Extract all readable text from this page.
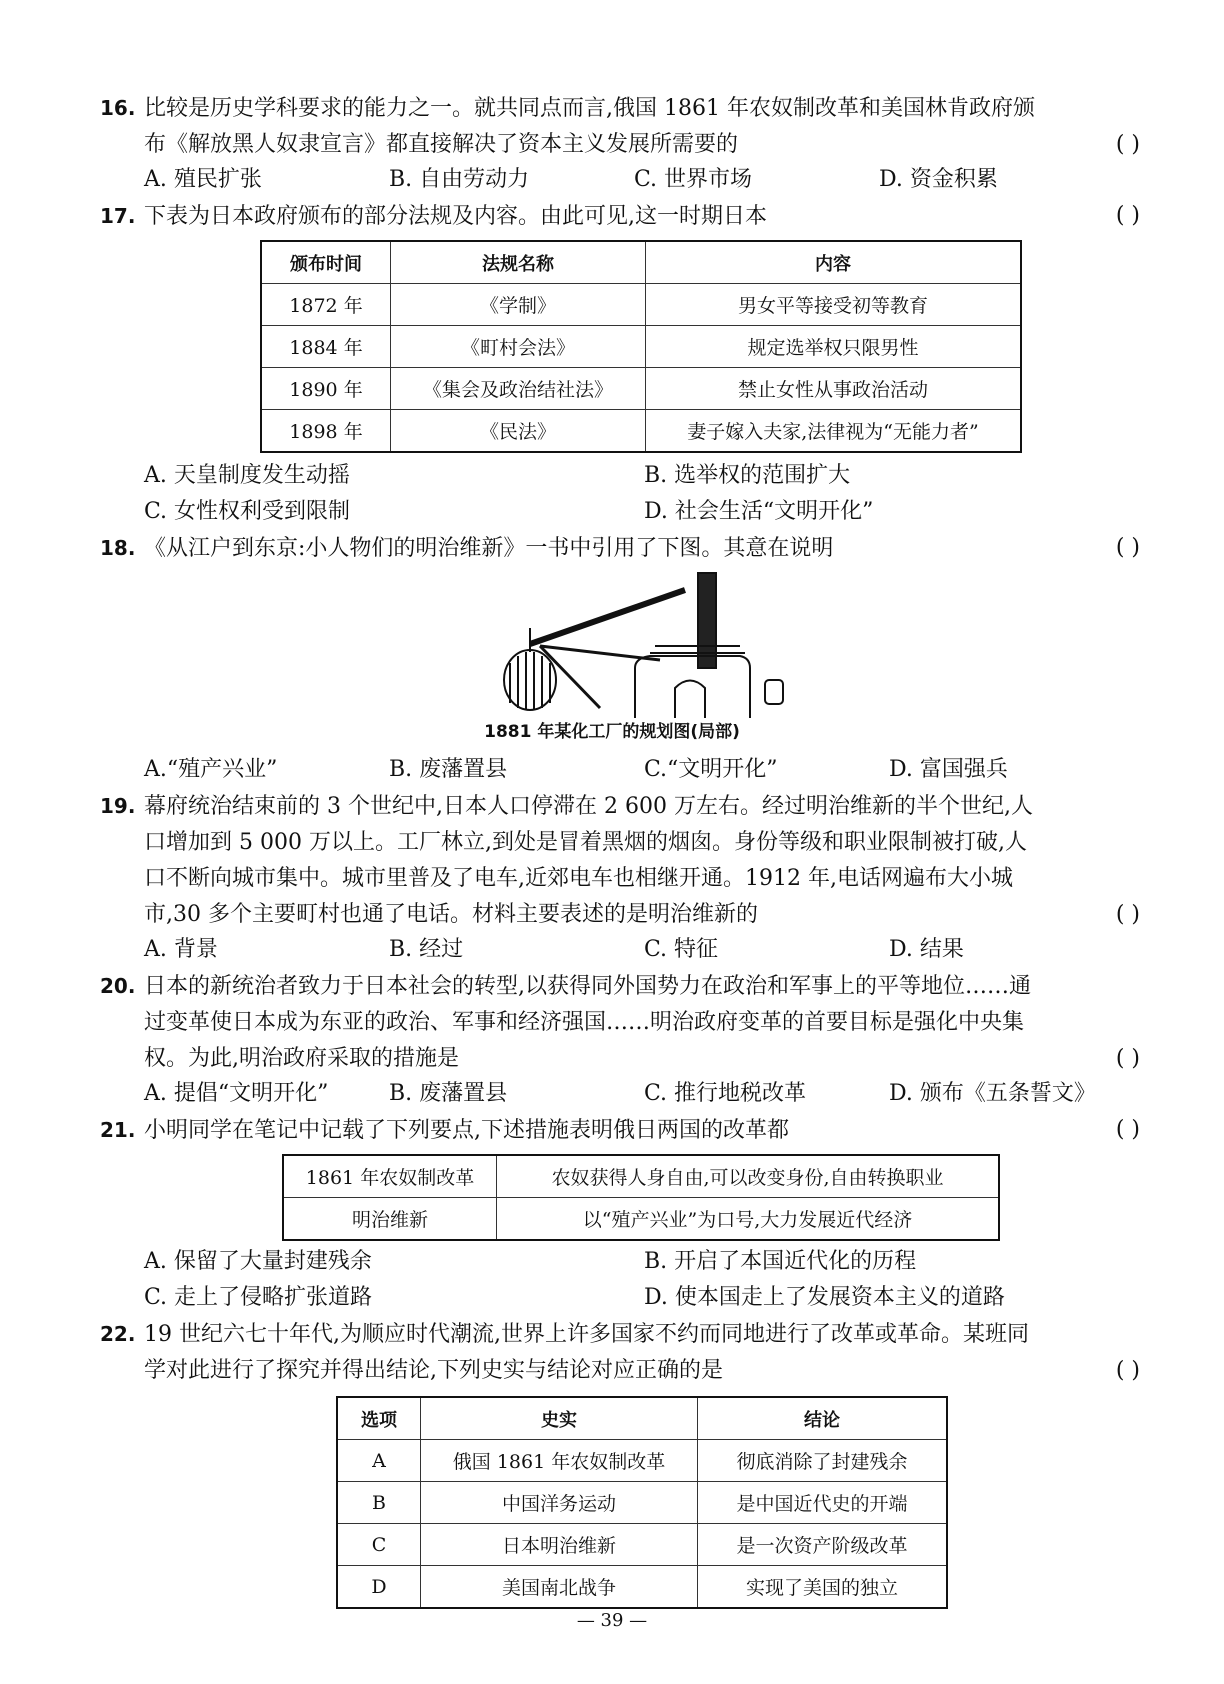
16. 比较是历史学科要求的能力之一。就共同点而言,俄国 1861 年农奴制改革和美国林肯政府颁
布《解放黑人奴隶宣言》都直接解决了资本主义发展所需要的	( )
A. 殖民扩张	B. 自由劳动力	C. 世界市场	D. 资金积累
17. 下表为日本政府颁布的部分法规及内容。由此可见,这一时期日本	( )
颁布时间	法规名称	内容
1872 年	《学制》	男女平等接受初等教育
1884 年	《町村会法》	规定选举权只限男性
1890 年	《集会及政治结社法》	禁止女性从事政治活动
1898 年	《民法》	妻子嫁入夫家,法律视为“无能力者”
A. 天皇制度发生动摇	B. 选举权的范围扩大
C. 女性权利受到限制	D. 社会生活“文明开化”
18. 《从江户到东京:小人物们的明治维新》一书中引用了下图。其意在说明	( )
1881 年某化工厂的规划图(局部)
A.“殖产兴业”	B. 废藩置县	C.“文明开化”	D. 富国强兵
19. 幕府统治结束前的 3 个世纪中,日本人口停滞在 2 600 万左右。经过明治维新的半个世纪,人
口增加到 5 000 万以上。工厂林立,到处是冒着黑烟的烟囱。身份等级和职业限制被打破,人
口不断向城市集中。城市里普及了电车,近郊电车也相继开通。1912 年,电话网遍布大小城
市,30 多个主要町村也通了电话。材料主要表述的是明治维新的	( )
A. 背景	B. 经过	C. 特征	D. 结果
20. 日本的新统治者致力于日本社会的转型,以获得同外国势力在政治和军事上的平等地位……通
过变革使日本成为东亚的政治、军事和经济强国……明治政府变革的首要目标是强化中央集
权。为此,明治政府采取的措施是	( )
A. 提倡“文明开化”	B. 废藩置县	C. 推行地税改革	D. 颁布《五条誓文》
21. 小明同学在笔记中记载了下列要点,下述措施表明俄日两国的改革都	( )
1861 年农奴制改革	农奴获得人身自由,可以改变身份,自由转换职业
明治维新	以“殖产兴业”为口号,大力发展近代经济
A. 保留了大量封建残余	B. 开启了本国近代化的历程
C. 走上了侵略扩张道路	D. 使本国走上了发展资本主义的道路
22. 19 世纪六七十年代,为顺应时代潮流,世界上许多国家不约而同地进行了改革或革命。某班同
学对此进行了探究并得出结论,下列史实与结论对应正确的是	( )
选项	史实	结论
A	俄国 1861 年农奴制改革	彻底消除了封建残余
B	中国洋务运动	是中国近代史的开端
C	日本明治维新	是一次资产阶级改革
D	美国南北战争	实现了美国的独立
— 39 —
